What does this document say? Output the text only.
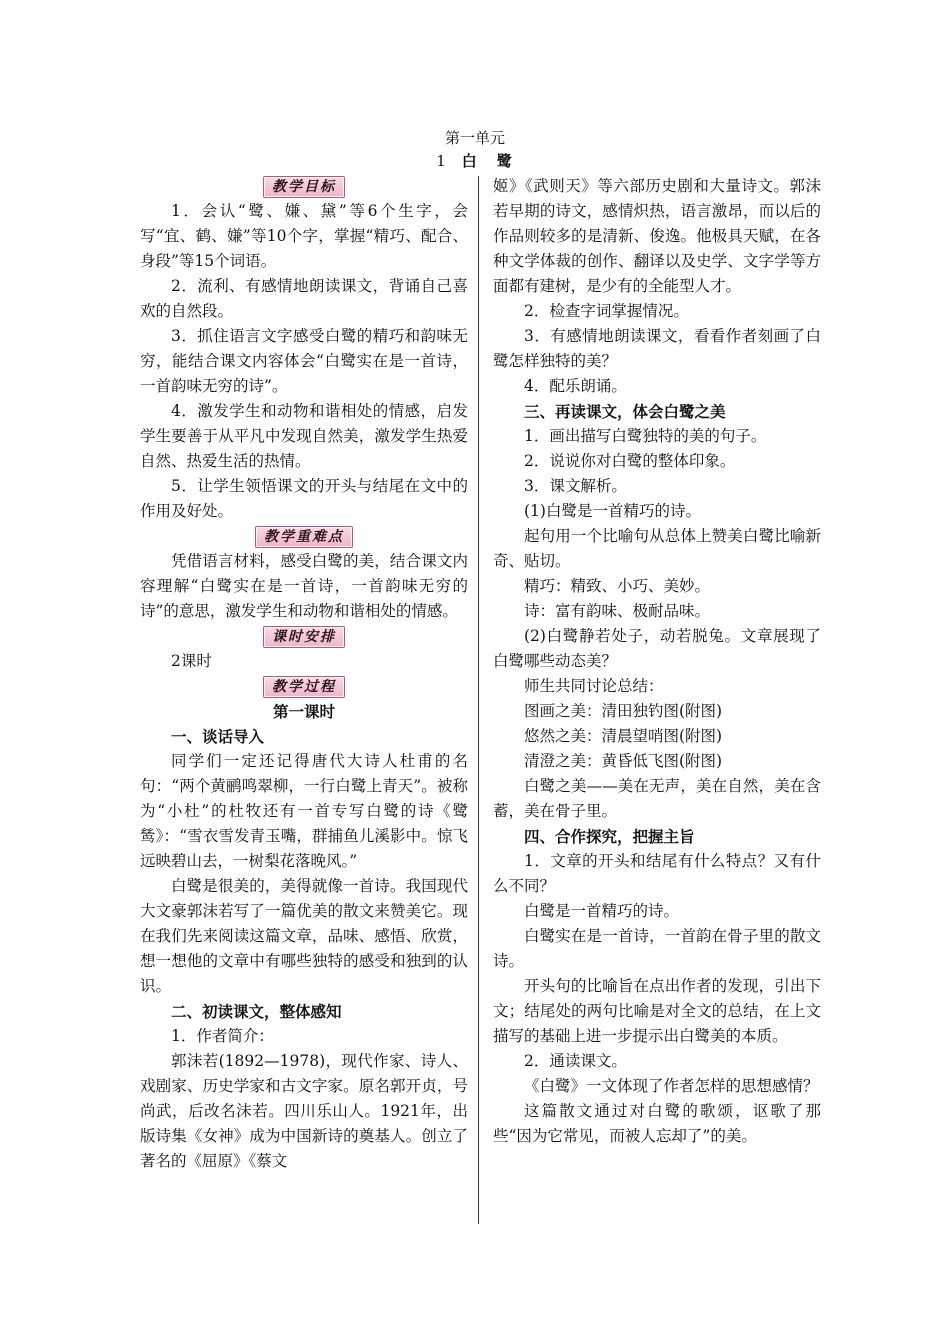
第一单元
1 白 鹭
教学目标

1．会认“鹭、嫌、黛”等6个生字，会写“宜、鹤、嫌”等10个字，掌握“精巧、配合、身段”等15个词语。

2．流利、有感情地朗读课文，背诵自己喜欢的自然段。

3．抓住语言文字感受白鹭的精巧和韵味无穷，能结合课文内容体会“白鹭实在是一首诗，一首韵味无穷的诗”。

4．激发学生和动物和谐相处的情感，启发学生要善于从平凡中发现自然美，激发学生热爱自然、热爱生活的热情。

5．让学生领悟课文的开头与结尾在文中的作用及好处。

教学重难点

凭借语言材料，感受白鹭的美，结合课文内容理解“白鹭实在是一首诗，一首韵味无穷的诗”的意思，激发学生和动物和谐相处的情感。

课时安排

2课时

教学过程

第一课时

一、谈话导入

同学们一定还记得唐代大诗人杜甫的名句：“两个黄鹂鸣翠柳，一行白鹭上青天”。被称为“小杜”的杜牧还有一首专写白鹭的诗《鹭鸶》：“雪衣雪发青玉嘴，群捕鱼儿溪影中。惊飞远映碧山去，一树梨花落晚风。”

白鹭是很美的，美得就像一首诗。我国现代大文豪郭沫若写了一篇优美的散文来赞美它。现在我们先来阅读这篇文章，品味、感悟、欣赏，想一想他的文章中有哪些独特的感受和独到的认识。

二、初读课文，整体感知

1．作者简介：

郭沫若(1892—1978)，现代作家、诗人、戏剧家、历史学家和古文字家。原名郭开贞，号尚武，后改名沫若。四川乐山人。1921年，出版诗集《女神》成为中国新诗的奠基人。创立了著名的《屈原》《蔡文

姬》《武则天》等六部历史剧和大量诗文。郭沫若早期的诗文，感情炽热，语言激昂，而以后的作品则较多的是清新、俊逸。他极具天赋，在各种文学体裁的创作、翻译以及史学、文字学等方面都有建树，是少有的全能型人才。

2．检查字词掌握情况。

3．有感情地朗读课文，看看作者刻画了白鹭怎样独特的美？

4．配乐朗诵。

三、再读课文，体会白鹭之美

1．画出描写白鹭独特的美的句子。

2．说说你对白鹭的整体印象。

3．课文解析。

(1)白鹭是一首精巧的诗。

起句用一个比喻句从总体上赞美白鹭比喻新奇、贴切。

精巧：精致、小巧、美妙。

诗：富有韵味、极耐品味。

(2)白鹭静若处子，动若脱兔。文章展现了白鹭哪些动态美？

师生共同讨论总结：

图画之美：清田独钓图(附图)

悠然之美：清晨望哨图(附图)

清澄之美：黄昏低飞图(附图)

白鹭之美——美在无声，美在自然，美在含蓄，美在骨子里。

四、合作探究，把握主旨

1．文章的开头和结尾有什么特点？又有什么不同？

白鹭是一首精巧的诗。

白鹭实在是一首诗，一首韵在骨子里的散文诗。

开头句的比喻旨在点出作者的发现，引出下文；结尾处的两句比喻是对全文的总结，在上文描写的基础上进一步提示出白鹭美的本质。

2．通读课文。

《白鹭》一文体现了作者怎样的思想感情？

这篇散文通过对白鹭的歌颂，讴歌了那些“因为它常见，而被人忘却了”的美。
